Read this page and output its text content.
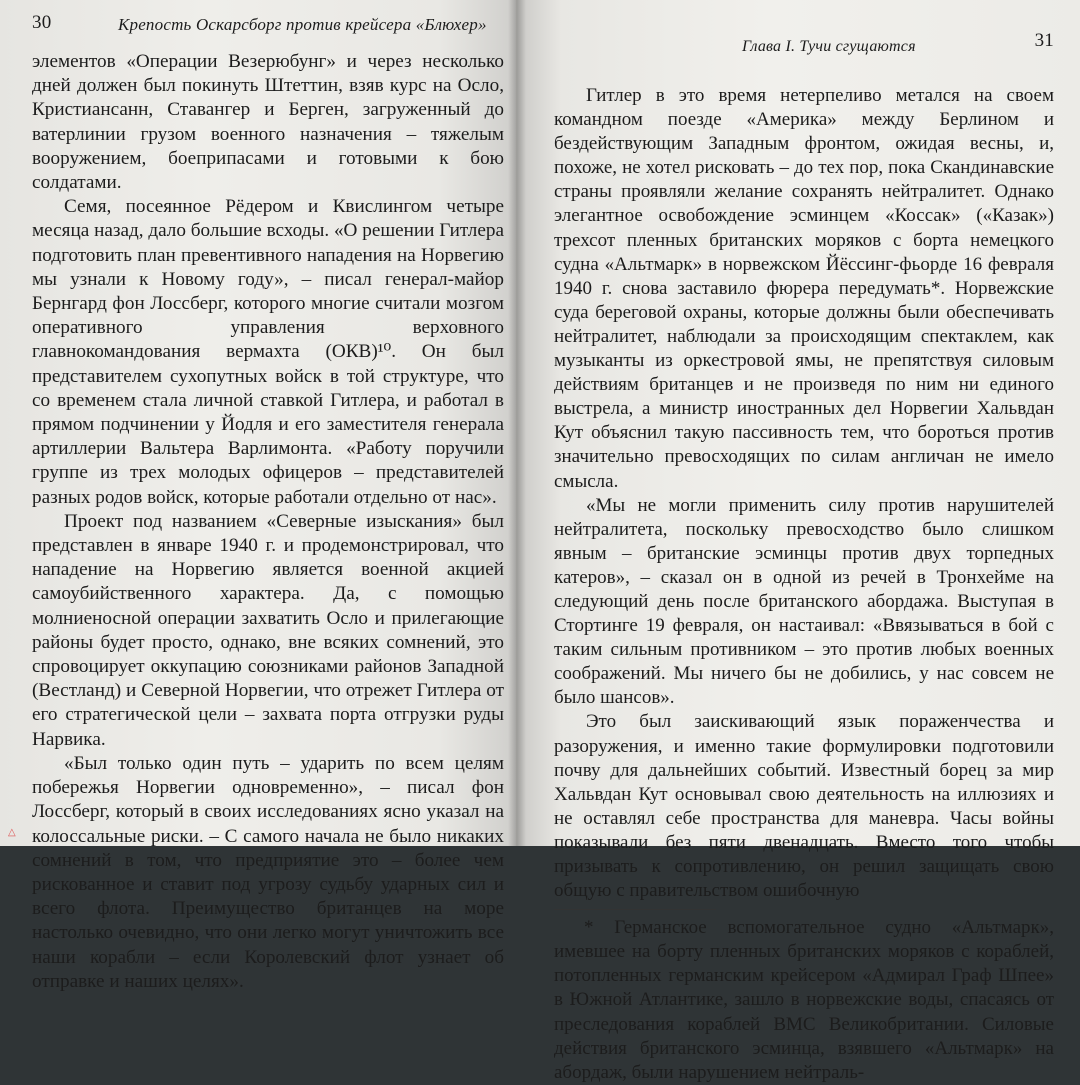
30	Крепость Оскарсборг против крейсера «Блюхер»

элементов «Операции Везерюбунг» и через несколько дней должен был покинуть Штеттин, взяв курс на Осло, Кристиансанн, Ставангер и Берген, загруженный до ватерлинии грузом военного назначения – тяжелым вооружением, боеприпасами и готовыми к бою солдатами.

Семя, посеянное Рёдером и Квислингом четыре месяца назад, дало большие всходы. «О решении Гитлера подготовить план превентивного нападения на Норвегию мы узнали к Новому году», – писал генерал-майор Бернгард фон Лоссберг, которого многие считали мозгом оперативного управления верховного главнокомандования вермахта (ОКВ)¹⁰. Он был представителем сухопутных войск в той структуре, что со временем стала личной ставкой Гитлера, и работал в прямом подчинении у Йодля и его заместителя генерала артиллерии Вальтера Варлимонта. «Работу поручили группе из трех молодых офицеров – представителей разных родов войск, которые работали отдельно от нас».

Проект под названием «Северные изыскания» был представлен в январе 1940 г. и продемонстрировал, что нападение на Норвегию является военной акцией самоубийственного характера. Да, с помощью молниеносной операции захватить Осло и прилегающие районы будет просто, однако, вне всяких сомнений, это спровоцирует оккупацию союзниками районов Западной (Вестланд) и Северной Норвегии, что отрежет Гитлера от его стратегической цели – захвата порта отгрузки руды Нарвика.

«Был только один путь – ударить по всем целям побережья Норвегии одновременно», – писал фон Лоссберг, который в своих исследованиях ясно указал на колоссальные риски. – С самого начала не было никаких сомнений в том, что предприятие это – более чем рискованное и ставит под угрозу судьбу ударных сил и всего флота. Преимущество британцев на море настолько очевидно, что они легко могут уничтожить все наши корабли – если Королевский флот узнает об отправке и наших целях».

△
Глава I. Тучи сгущаются	31

Гитлер в это время нетерпеливо метался на своем командном поезде «Америка» между Берлином и бездействующим Западным фронтом, ожидая весны, и, похоже, не хотел рисковать – до тех пор, пока Скандинавские страны проявляли желание сохранять нейтралитет. Однако элегантное освобождение эсминцем «Коссак» («Казак») трехсот пленных британских моряков с борта немецкого судна «Альтмарк» в норвежском Йёссинг-фьорде 16 февраля 1940 г. снова заставило фюрера передумать*. Норвежские суда береговой охраны, которые должны были обеспечивать нейтралитет, наблюдали за происходящим спектаклем, как музыканты из оркестровой ямы, не препятствуя силовым действиям британцев и не произведя по ним ни единого выстрела, а министр иностранных дел Норвегии Хальвдан Кут объяснил такую пассивность тем, что бороться против значительно превосходящих по силам англичан не имело смысла.

«Мы не могли применить силу против нарушителей нейтралитета, поскольку превосходство было слишком явным – британские эсминцы против двух торпедных катеров», – сказал он в одной из речей в Тронхейме на следующий день после британского абордажа. Выступая в Стортинге 19 февраля, он настаивал: «Ввязываться в бой с таким сильным противником – это против любых военных соображений. Мы ничего бы не добились, у нас совсем не было шансов».

Это был заискивающий язык пораженчества и разоружения, и именно такие формулировки подготовили почву для дальнейших событий. Известный борец за мир Хальвдан Кут основывал свою деятельность на иллюзиях и не оставлял себе пространства для маневра. Часы войны показывали без пяти двенадцать. Вместо того чтобы призывать к сопротивлению, он решил защищать свою общую с правительством ошибочную

* Германское вспомогательное судно «Альтмарк», имевшее на борту пленных британских моряков с кораблей, потопленных германским крейсером «Адмирал Граф Шпее» в Южной Атлантике, зашло в норвежские воды, спасаясь от преследования кораблей ВМС Великобритании. Силовые действия британского эсминца, взявшего «Альтмарк» на абордаж, были нарушением нейтраль-
